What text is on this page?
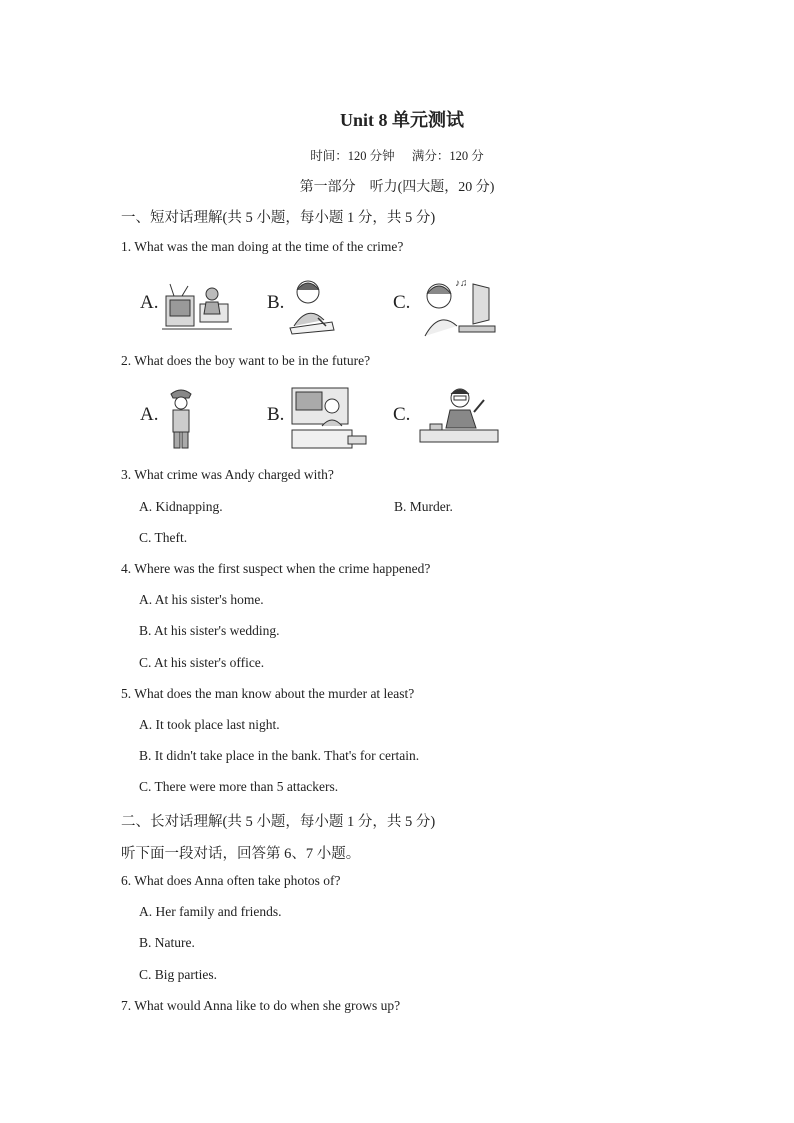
Unit 8 单元测试
时间：120 分钟 满分：120 分
第一部分　听力(四大题，20 分)
一、短对话理解(共 5 小题，每小题 1 分，共 5 分)
1. What was the man doing at the time of the crime?
A.	B.	C.
♪♫
2. What does the boy want to be in the future?
A.	B.	C.
3. What crime was Andy charged with?
A. Kidnapping.	B. Murder.
C. Theft.
4. Where was the first suspect when the crime happened?
A. At his sister's home.
B. At his sister's wedding.
C. At his sister's office.
5. What does the man know about the murder at least?
A. It took place last night.
B. It didn't take place in the bank. That's for certain.
C. There were more than 5 attackers.
二、长对话理解(共 5 小题，每小题 1 分，共 5 分)
听下面一段对话，回答第 6、7 小题。
6. What does Anna often take photos of?
A. Her family and friends.
B. Nature.
C. Big parties.
7. What would Anna like to do when she grows up?
